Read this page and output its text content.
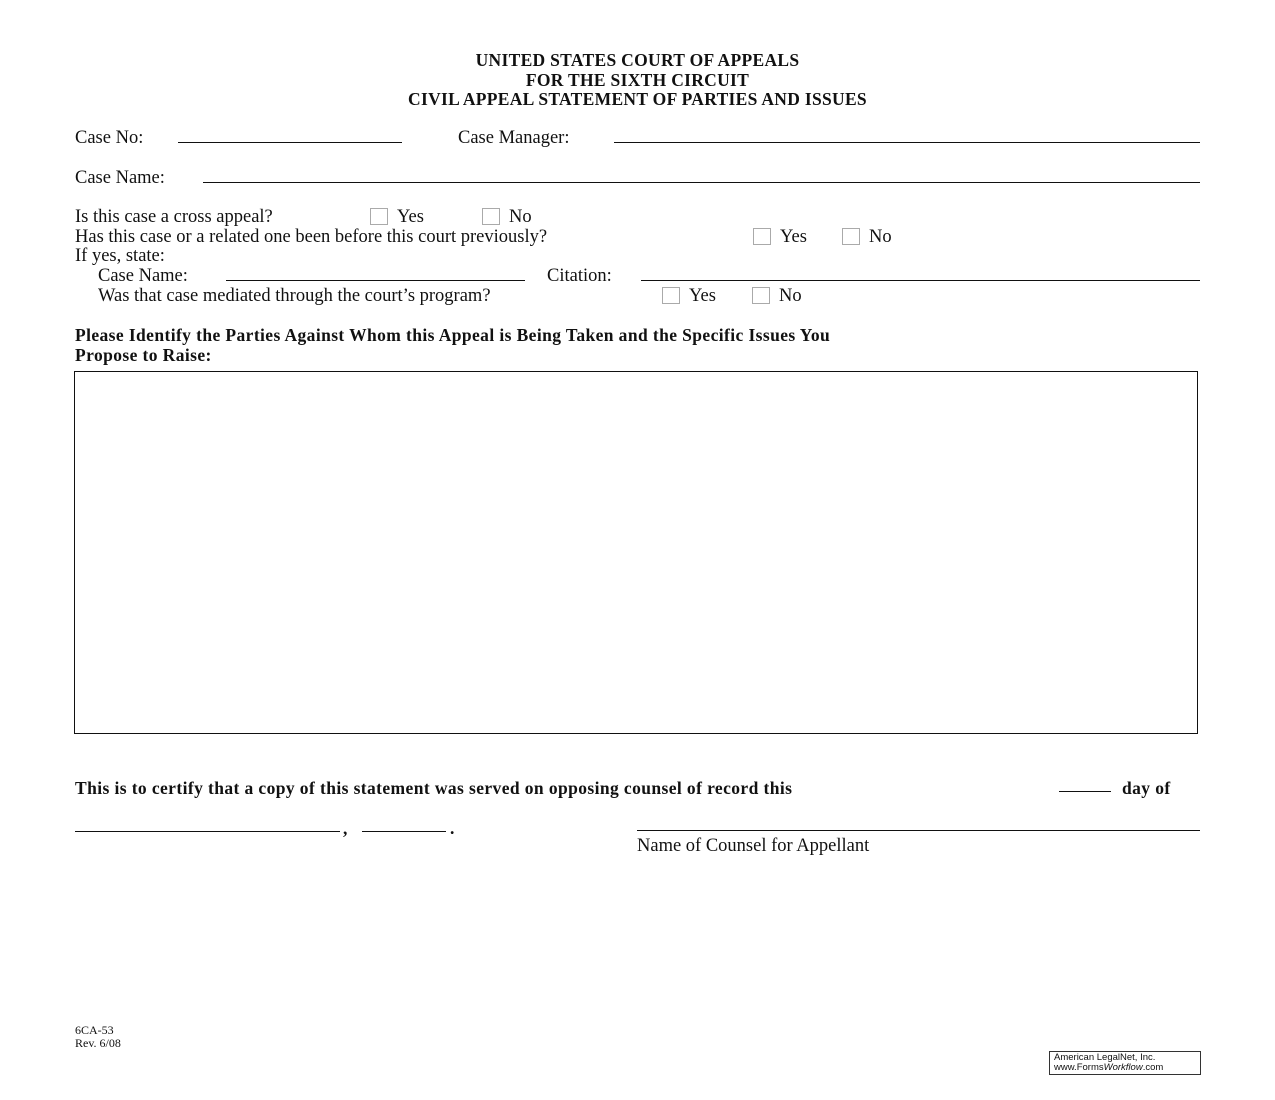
UNITED STATES COURT OF APPEALS
FOR THE SIXTH CIRCUIT
CIVIL APPEAL STATEMENT OF PARTIES AND ISSUES
Case No:	Case Manager:
Case Name:
Is this case a cross appeal?	Yes	No
Has this case or a related one been before this court previously?	Yes	No
If yes, state:
Case Name:	Citation:
Was that case mediated through the court’s program?	Yes	No
Please Identify the Parties Against Whom this Appeal is Being Taken and the Specific Issues You
Propose to Raise:
This is to certify that a copy of this statement was served on opposing counsel of record this	day of
,	.
Name of Counsel for Appellant
6CA-53
Rev. 6/08
American LegalNet, Inc.
www.FormsWorkflow.com
